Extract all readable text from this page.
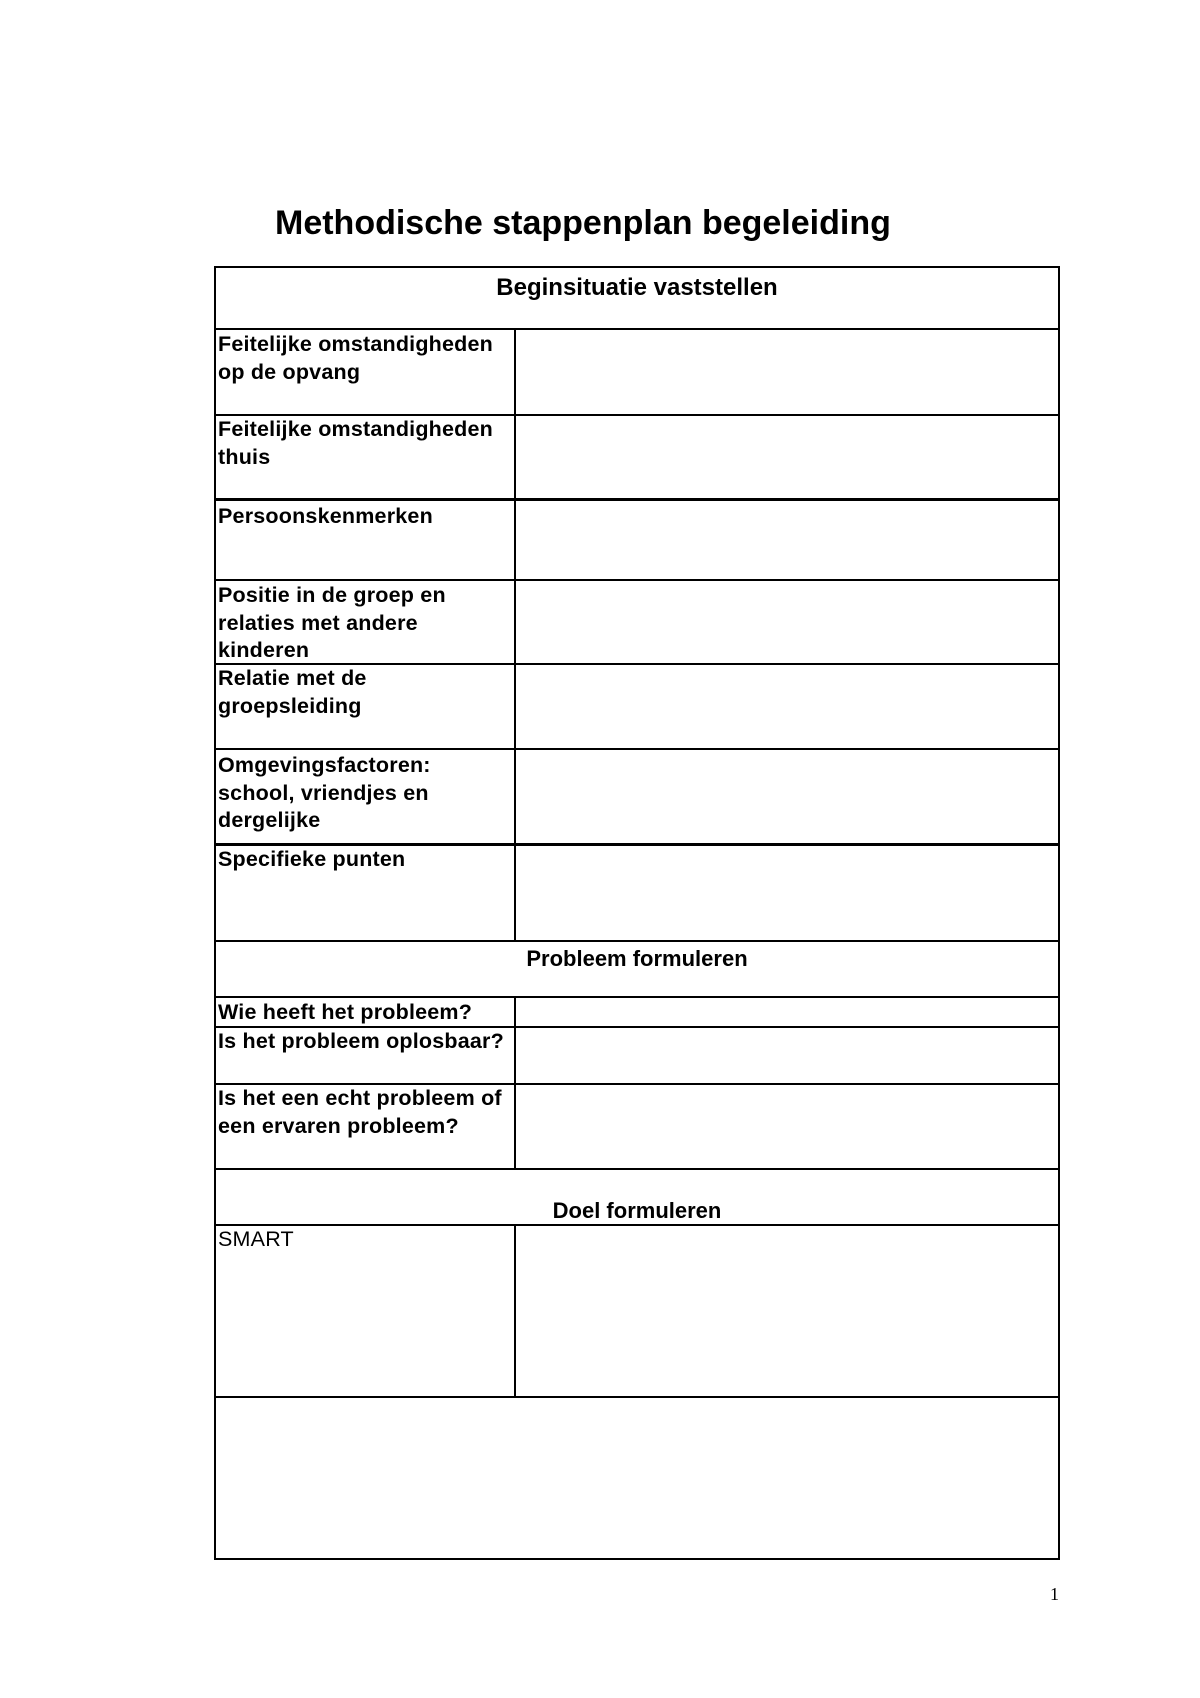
Methodische stappenplan begeleiding
Beginsituatie vaststellen
Feitelijke omstandigheden op de opvang
Feitelijke omstandigheden thuis
Persoonskenmerken
Positie in de groep en relaties met andere kinderen
Relatie met de groepsleiding
Omgevingsfactoren: school, vriendjes en dergelijke
Specifieke punten
Probleem formuleren
Wie heeft het probleem?
Is het probleem oplosbaar?
Is het een echt probleem of een ervaren probleem?
Doel formuleren
SMART
1
